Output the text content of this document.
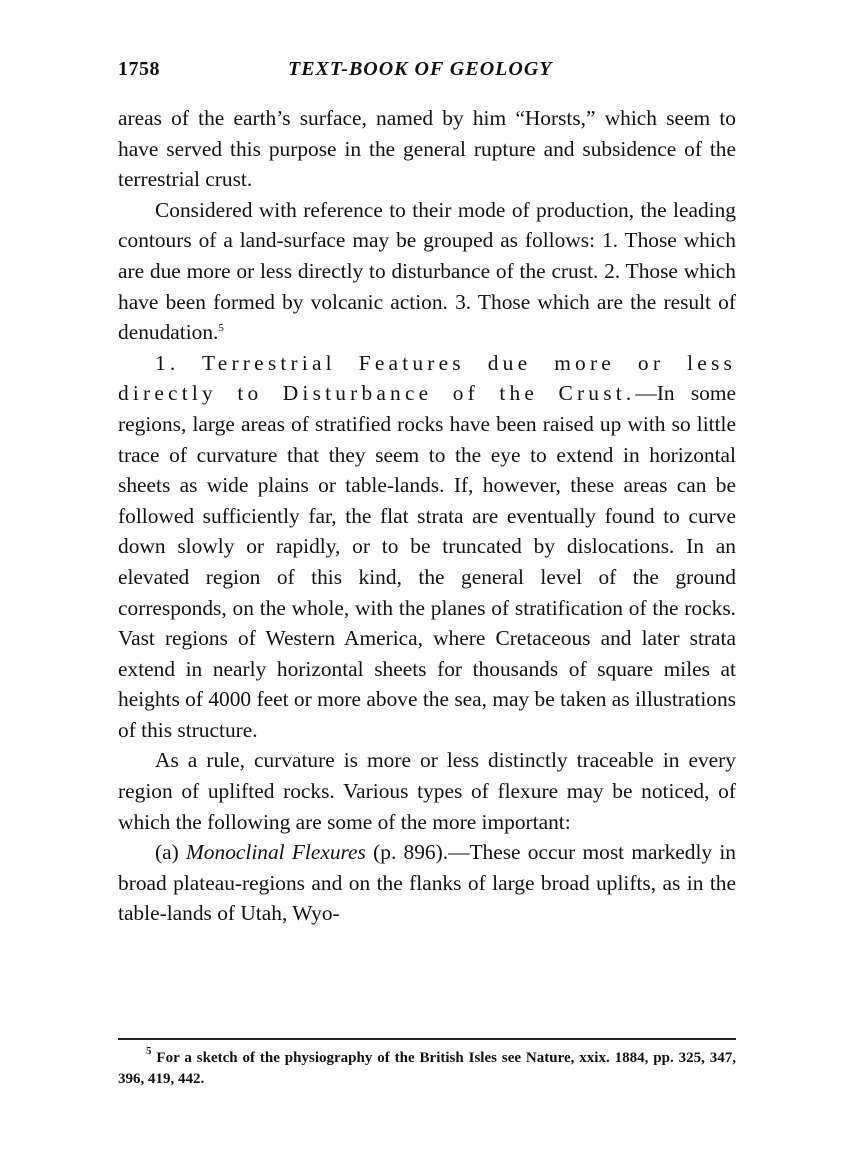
1758	TEXT-BOOK OF GEOLOGY

areas of the earth’s surface, named by him “Horsts,” which seem to have served this purpose in the general rupture and subsidence of the terrestrial crust.

Considered with reference to their mode of production, the leading contours of a land-surface may be grouped as follows: 1. Those which are due more or less directly to disturbance of the crust. 2. Those which have been formed by volcanic action. 3. Those which are the result of denudation.$^5$

1. Terrestrial Features due more or less directly to Disturbance of the Crust.—In some regions, large areas of stratified rocks have been raised up with so little trace of curvature that they seem to the eye to extend in horizontal sheets as wide plains or table-lands. If, however, these areas can be followed sufficiently far, the flat strata are eventually found to curve down slowly or rapidly, or to be truncated by dislocations. In an elevated region of this kind, the general level of the ground corresponds, on the whole, with the planes of stratification of the rocks. Vast regions of Western America, where Cretaceous and later strata extend in nearly horizontal sheets for thousands of square miles at heights of 4000 feet or more above the sea, may be taken as illustrations of this structure.

As a rule, curvature is more or less distinctly traceable in every region of uplifted rocks. Various types of flexure may be noticed, of which the following are some of the more important:

(a) Monoclinal Flexures (p. 896).—These occur most markedly in broad plateau-regions and on the flanks of large broad uplifts, as in the table-lands of Utah, Wyo-

$^5$ For a sketch of the physiography of the British Isles see Nature, xxix. 1884, pp. 325, 347, 396, 419, 442.
